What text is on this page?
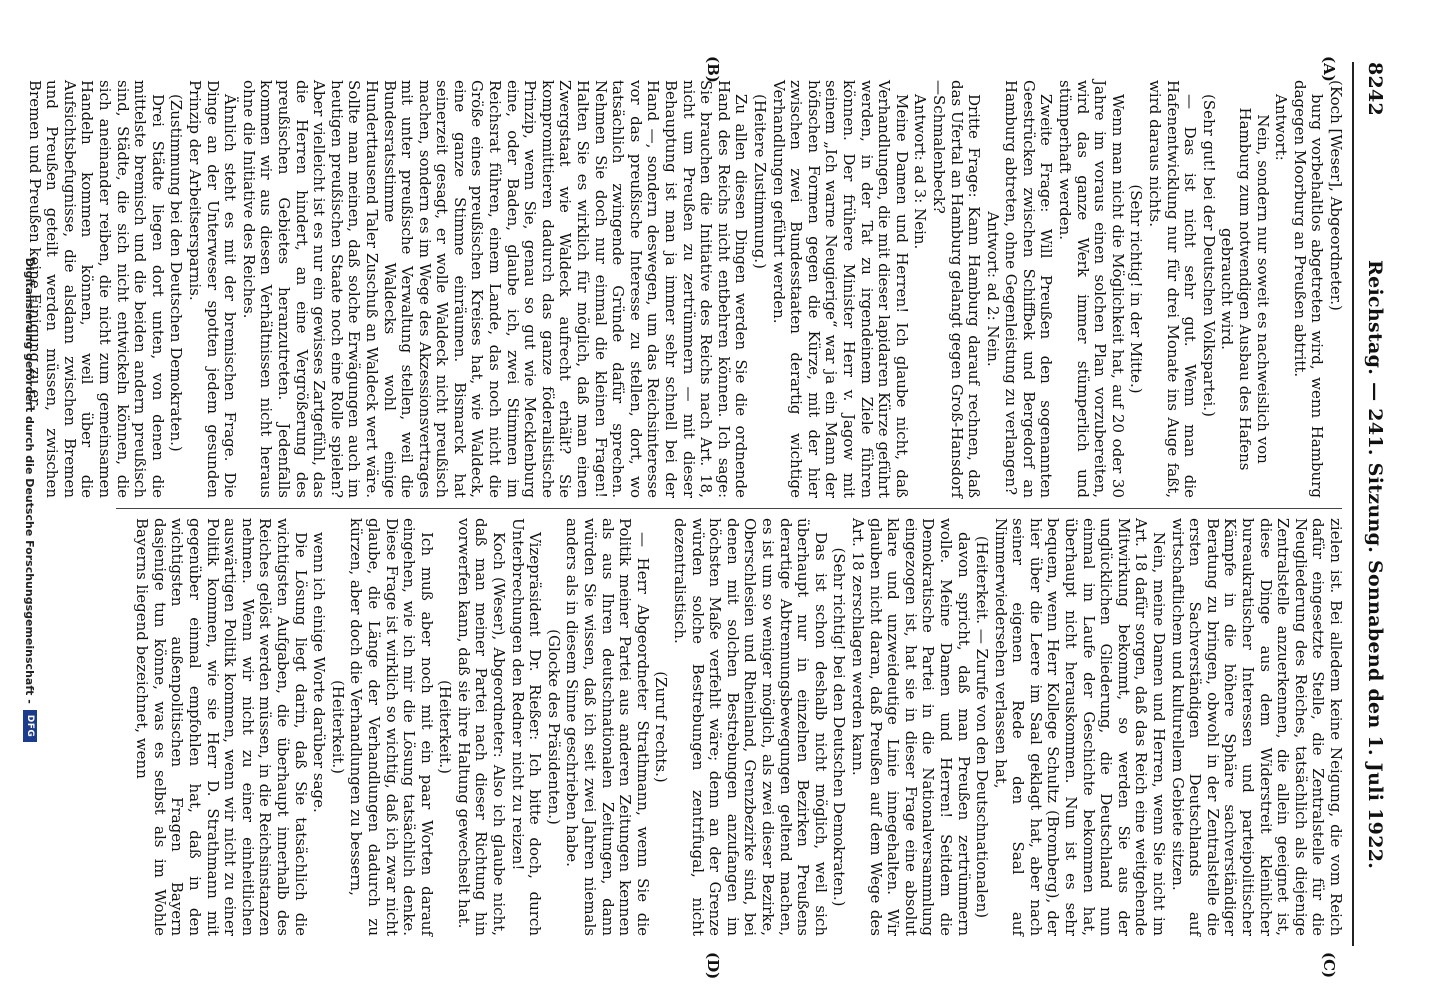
8242
Reichstag. — 241. Sitzung. Sonnabend den 1. Juli 1922.
(A)
(B)
(C)
(D)

(Koch [Weser], Abgeordneter.)

burg vorbehaltlos abgetreten wird, wenn Hamburg dagegen Moorburg an Preußen abtritt.

Antwort:

Nein, sondern nur soweit es nachweislich von Hamburg zum notwendigen Ausbau des Hafens gebraucht wird.

(Sehr gut! bei der Deutschen Volkspartei.)

— Das ist nicht sehr gut. Wenn man die Hafenentwicklung nur für drei Monate ins Auge faßt, wird daraus nichts.

(Sehr richtig! in der Mitte.)

Wenn man nicht die Möglichkeit hat, auf 20 oder 30 Jahre im voraus einen solchen Plan vorzubereiten, wird das ganze Werk immer stümperlich und stümperhaft werden.

Zweite Frage: Will Preußen den sogenannten Geestrücken zwischen Schiffbek und Bergedorf an Hamburg abtreten, ohne Gegenleistung zu verlangen?

Antwort: ad 2: Nein.

Dritte Frage: Kann Hamburg darauf rechnen, daß das Ufertal an Hamburg gelangt gegen Groß-Hansdorf—Schmalenbeck?

Antwort: ad 3: Nein.

Meine Damen und Herren! Ich glaube nicht, daß Verhandlungen, die mit dieser lapidaren Kürze geführt werden, in der Tat zu irgendeinem Ziele führen können. Der frühere Minister Herr v. Jagow mit seinem „Ich warne Neugierige“ war ja ein Mann der höfischen Formen gegen die Kürze, mit der hier zwischen zwei Bundesstaaten derartig wichtige Verhandlungen geführt werden.

(Heitere Zustimmung.)

Zu allen diesen Dingen werden Sie die ordnende Hand des Reichs nicht entbehren können. Ich sage: Sie brauchen die Initiative des Reichs nach Art. 18, nicht um Preußen zu zertrümmern — mit dieser Behauptung ist man ja immer sehr schnell bei der Hand —, sondern deswegen, um das Reichsinteresse vor das preußische Interesse zu stellen, dort, wo tatsächlich zwingende Gründe dafür sprechen. Nehmen Sie doch nur einmal die kleinen Fragen! Halten Sie es wirklich für möglich, daß man einen Zwergstaat wie Waldeck aufrecht erhält? Sie kompromittieren dadurch das ganze föderalistische Prinzip, wenn Sie, genau so gut wie Mecklenburg eine, oder Baden, glaube ich, zwei Stimmen im Reichsrat führen, einem Lande, das noch nicht die Größe eines preußischen Kreises hat, wie Waldeck, eine ganze Stimme einräumen. Bismarck hat seinerzeit gesagt, er wolle Waldeck nicht preußisch machen, sondern es im Wege des Akzessionsvertrages mit unter preußische Verwaltung stellen, weil die Bundesratsstimme Waldecks wohl einige Hunderttausend Taler Zuschuß an Waldeck wert wäre. Sollte man meinen, daß solche Erwägungen auch im heutigen preußischen Staate noch eine Rolle spielen? Aber vielleicht ist es nur ein gewisses Zartgefühl, das die Herren hindert, an eine Vergrößerung des preußischen Gebietes heranzutreten. Jedenfalls kommen wir aus diesen Verhältnissen nicht heraus ohne die Initiative des Reiches.

Ähnlich steht es mit der bremischen Frage. Die Dinge an der Unterweser spotten jedem gesunden Prinzip der Arbeitsersparnis.

(Zustimmung bei den Deutschen Demokraten.)

Drei Städte liegen dort unten, von denen die mittelste bremisch und die beiden andern preußisch sind, Städte, die sich nicht entwickeln können, die sich aneinander reiben, die nicht zum gemeinsamen Handeln kommen können, weil über die Aufsichtsbefugnisse, die alsdann zwischen Bremen und Preußen geteilt werden müssen, zwischen Bremen und Preußen keine Einigung zu er-

zielen ist. Bei alledem keine Neigung, die vom Reich dafür eingesetzte Stelle, die Zentralstelle für die Neugliederung des Reiches, tatsächlich als diejenige Zentralstelle anzuerkennen, die allein geeignet ist, diese Dinge aus dem Widerstreit kleinlicher bureaukratischer Interessen und parteipolitischer Kämpfe in die höhere Sphäre sachverständiger Beratung zu bringen, obwohl in der Zentralstelle die ersten Sachverständigen Deutschlands auf wirtschaftlichem und kulturellem Gebiete sitzen.

Nein, meine Damen und Herren, wenn Sie nicht im Art. 18 dafür sorgen, daß das Reich eine weitgehende Mitwirkung bekommt, so werden Sie aus der unglücklichen Gliederung, die Deutschland nun einmal im Laufe der Geschichte bekommen hat, überhaupt nicht herauskommen. Nun ist es sehr bequem, wenn Herr Kollege Schultz (Bromberg), der hier über die Leere im Saal geklagt hat, aber nach seiner eigenen Rede den Saal auf Nimmerwiedersehen verlassen hat,

(Heiterkeit. — Zurufe von den Deutschnationalen)

davon spricht, daß man Preußen zertrümmern wolle. Meine Damen und Herren! Seitdem die Demokratische Partei in die Nationalversammlung eingezogen ist, hat sie in dieser Frage eine absolut klare und unzweideutige Linie innegehalten. Wir glauben nicht daran, daß Preußen auf dem Wege des Art. 18 zerschlagen werden kann.

(Sehr richtig! bei den Deutschen Demokraten.)

Das ist schon deshalb nicht möglich, weil sich überhaupt nur in einzelnen Bezirken Preußens derartige Abtrennungsbewegungen geltend machen, es ist um so weniger möglich, als zwei dieser Bezirke, Oberschlesien und Rheinland, Grenzbezirke sind, bei denen mit solchen Bestrebungen anzufangen im höchsten Maße verfehlt wäre; denn an der Grenze würden solche Bestrebungen zentrifugal, nicht dezentralistisch.

(Zuruf rechts.)

— Herr Abgeordneter Strathmann, wenn Sie die Politik meiner Partei aus anderen Zeitungen kennen als aus Ihren deutschnationalen Zeitungen, dann würden Sie wissen, daß ich seit zwei Jahren niemals anders als in diesem Sinne geschrieben habe.

(Glocke des Präsidenten.)

Vizepräsident Dr. Rießer: Ich bitte doch, durch Unterbrechungen den Redner nicht zu reizen!

Koch (Weser), Abgeordneter: Also ich glaube nicht, daß man meiner Partei nach dieser Richtung hin vorwerfen kann, daß sie ihre Haltung gewechselt hat.

(Heiterkeit.)

Ich muß aber noch mit ein paar Worten darauf eingehen, wie ich mir die Lösung tatsächlich denke. Diese Frage ist wirklich so wichtig, daß ich zwar nicht glaube, die Länge der Verhandlungen dadurch zu kürzen, aber doch die Verhandlungen zu bessern,

(Heiterkeit.)

wenn ich einige Worte darüber sage.

Die Lösung liegt darin, daß Sie tatsächlich die wichtigsten Aufgaben, die überhaupt innerhalb des Reiches gelöst werden müssen, in die Reichsinstanzen nehmen. Wenn wir nicht zu einer einheitlichen auswärtigen Politik kommen, wenn wir nicht zu einer Politik kommen, wie sie Herr D. Strathmann mit gegenüber einmal empfohlen hat, daß in den wichtigsten außenpolitischen Fragen Bayern dasjenige tun könne, was es selbst als im Wohle Bayerns liegend bezeichnet, wenn

Digitalisierung gefördert durch die Deutsche Forschungsgemeinschaft -
DFG
